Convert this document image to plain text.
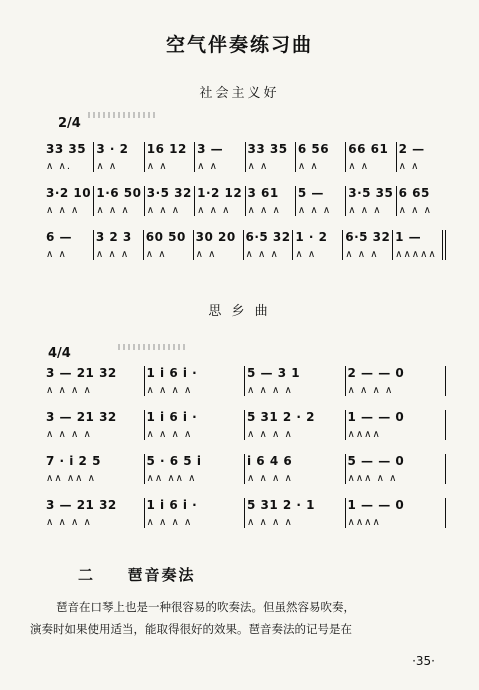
空气伴奏练习曲
社会主义好
2/4
33 35
∧ ∧.
3 · 2
∧ ∧
16 12
∧ ∧
3 —
∧ ∧
33 35
∧ ∧
6 56
∧ ∧
66 61
∧ ∧
2 —
∧ ∧
3·2 10
∧ ∧ ∧
1·6 50
∧ ∧ ∧
3·5 32
∧ ∧ ∧
1·2 12
∧ ∧ ∧
3 61
∧ ∧ ∧
5 —
∧ ∧ ∧
3·5 35
∧ ∧ ∧
6 65
∧ ∧ ∧
6 —
∧ ∧
3 2 3
∧ ∧ ∧
60 50
∧ ∧
30 20
∧ ∧
6·5 32
∧ ∧ ∧
1 · 2
∧ ∧
6·5 32
∧ ∧ ∧
1 —
∧∧∧∧∧
思 乡 曲
4/4
3 — 21 32
∧ ∧ ∧ ∧
1 i 6 i ·
∧ ∧ ∧ ∧
5 — 3 1
∧ ∧ ∧ ∧
2 — — 0
∧ ∧ ∧ ∧
3 — 21 32
∧ ∧ ∧ ∧
1 i 6 i ·
∧ ∧ ∧ ∧
5 31 2 · 2
∧ ∧ ∧ ∧
1 — — 0
∧∧∧∧
7 · i 2 5
∧∧ ∧∧ ∧
5 · 6 5 i
∧∧ ∧∧ ∧
i 6 4 6
∧ ∧ ∧ ∧
5 — — 0
∧∧∧ ∧ ∧
3 — 21 32
∧ ∧ ∧ ∧
1 i 6 i ·
∧ ∧ ∧ ∧
5 31 2 · 1
∧ ∧ ∧ ∧
1 — — 0
∧∧∧∧
二 琶音奏法
琶音在口琴上也是一种很容易的吹奏法。但虽然容易吹奏，
演奏时如果使用适当，能取得很好的效果。琶音奏法的记号是在
·35·
